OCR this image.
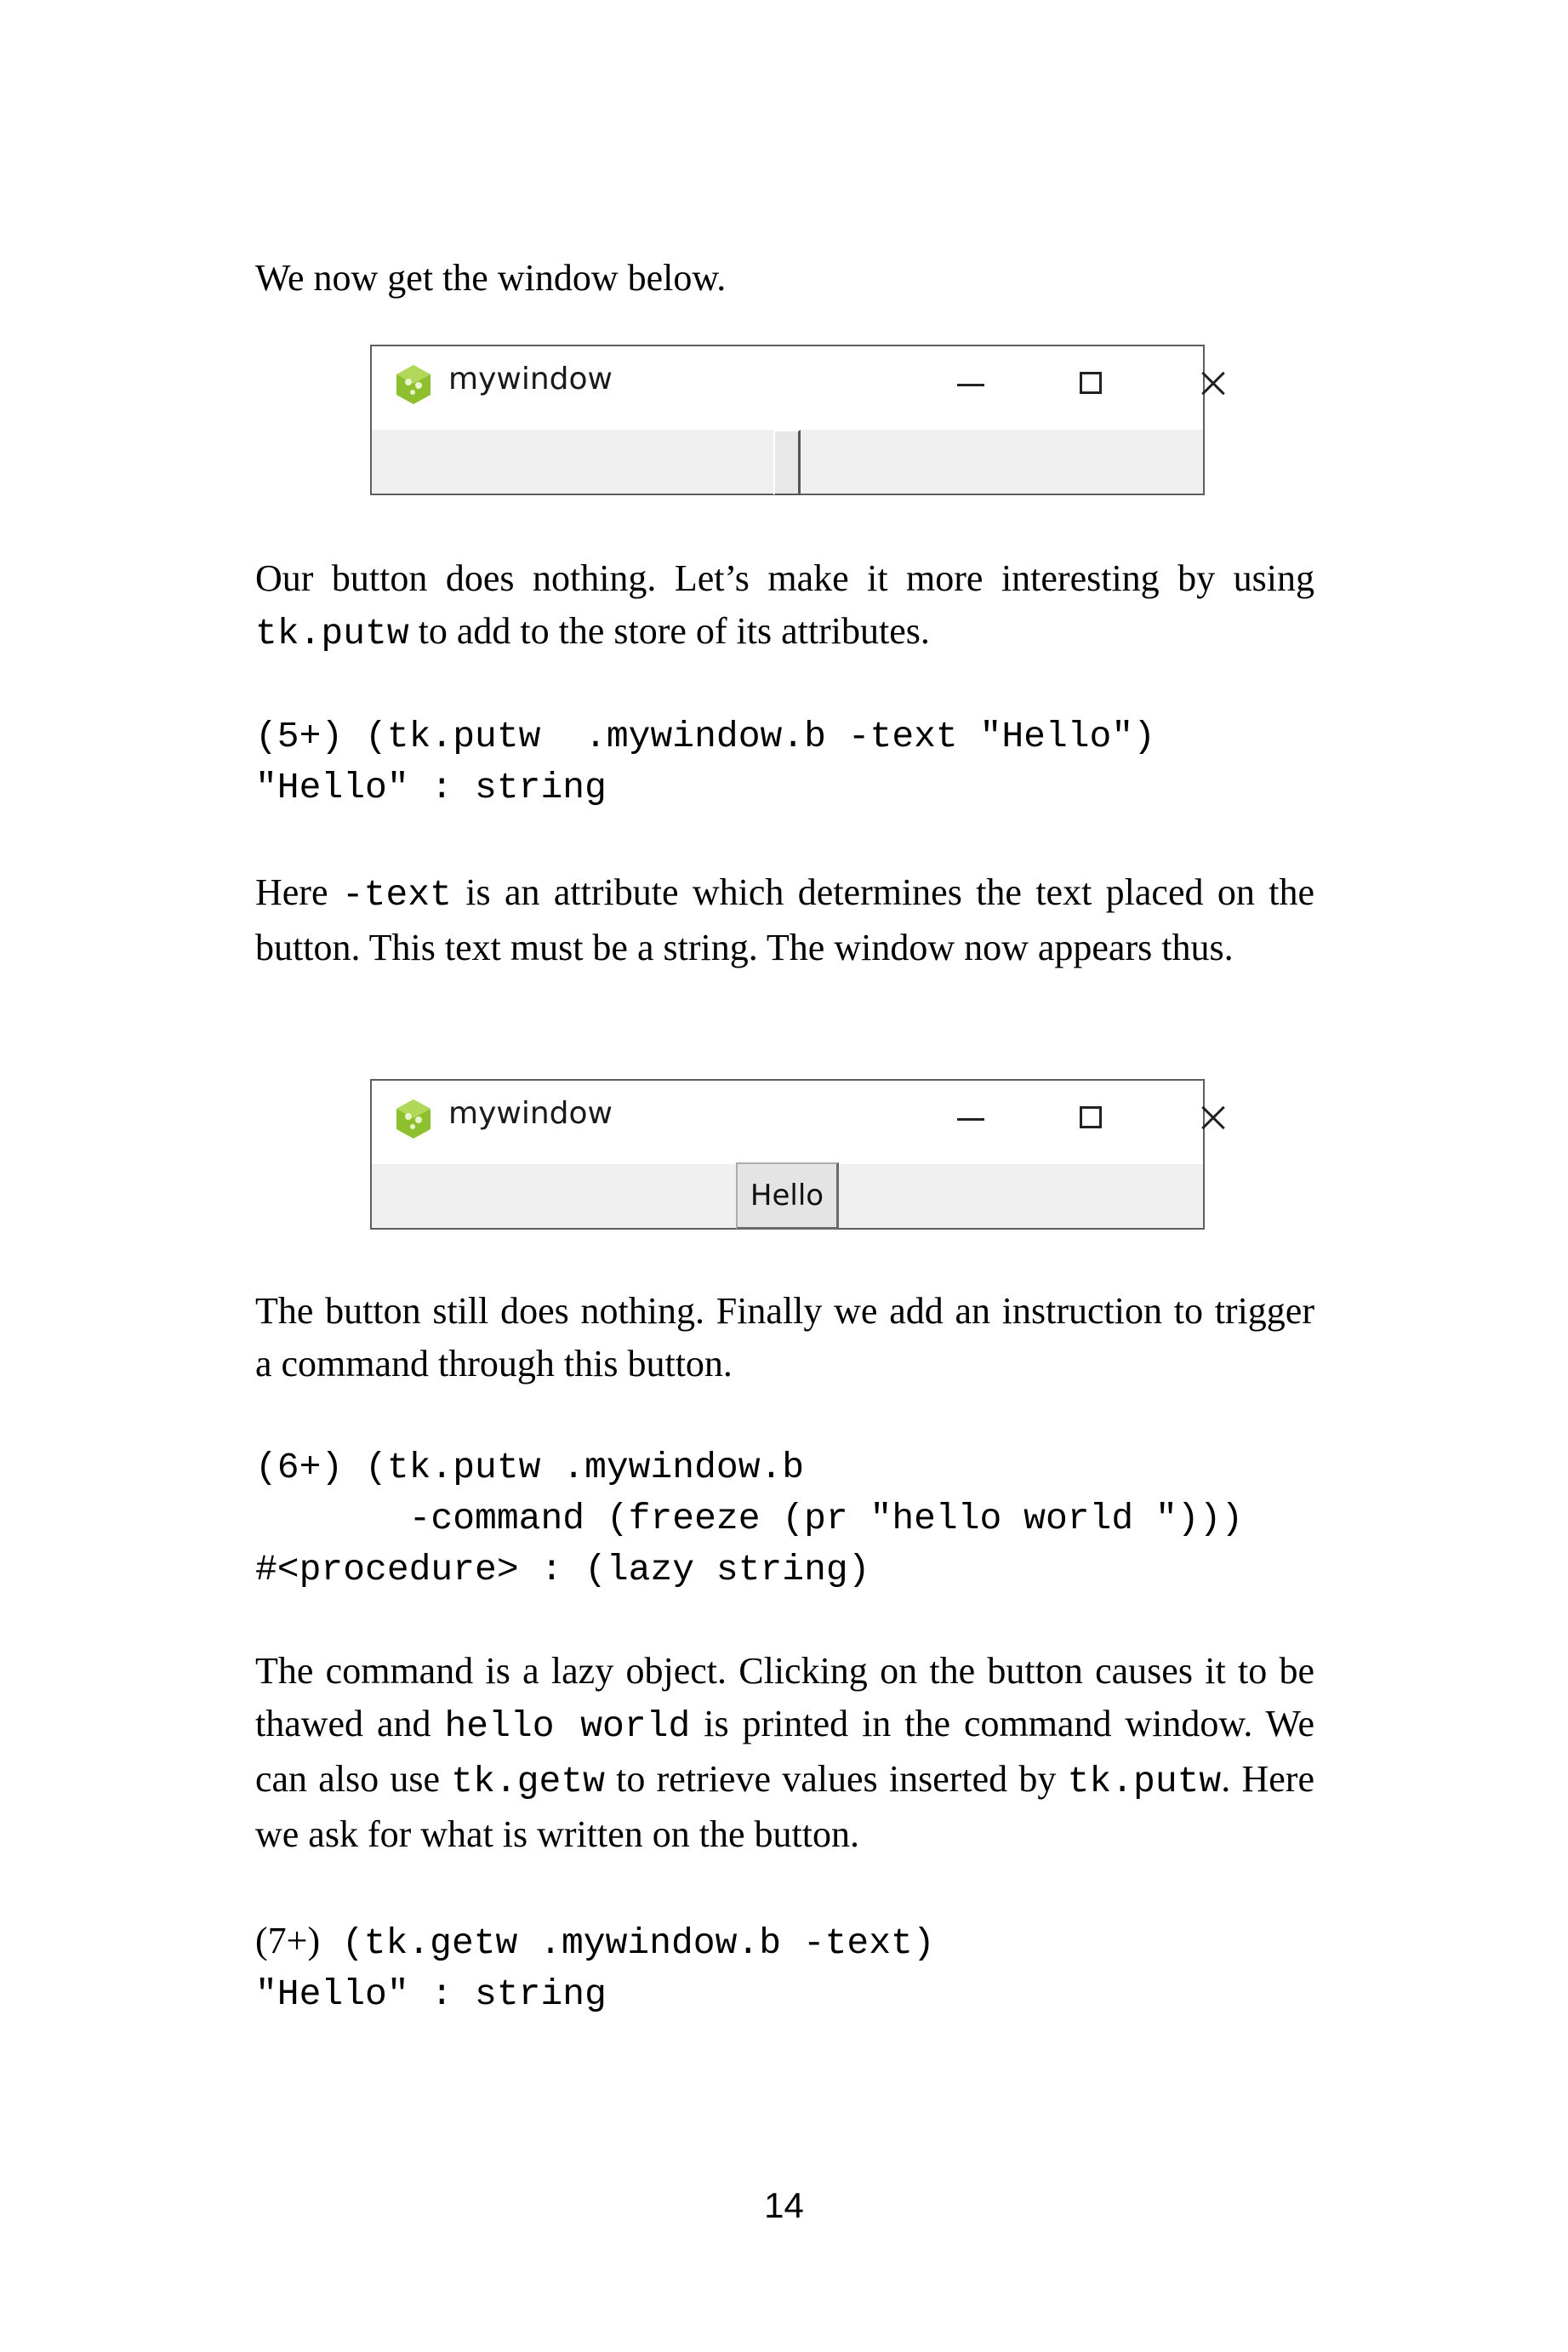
We now get the window below.

mywindow

Our button does nothing. Let’s make it more interesting by using tk.putw to add to the store of its attributes.

(5+) (tk.putw  .mywindow.b -text "Hello")
"Hello" : string

Here -text is an attribute which determines the text placed on the button. This text must be a string. The window now appears thus.

mywindow
Hello

The button still does nothing. Finally we add an instruction to trigger a command through this button.

(6+) (tk.putw .mywindow.b
-command (freeze (pr "hello world ")))
#<procedure> : (lazy string)

The command is a lazy object. Clicking on the button causes it to be thawed and hello world is printed in the command window. We can also use tk.getw to retrieve values inserted by tk.putw. Here we ask for what is written on the button.

(7+) (tk.getw .mywindow.b -text)
"Hello" : string
14
